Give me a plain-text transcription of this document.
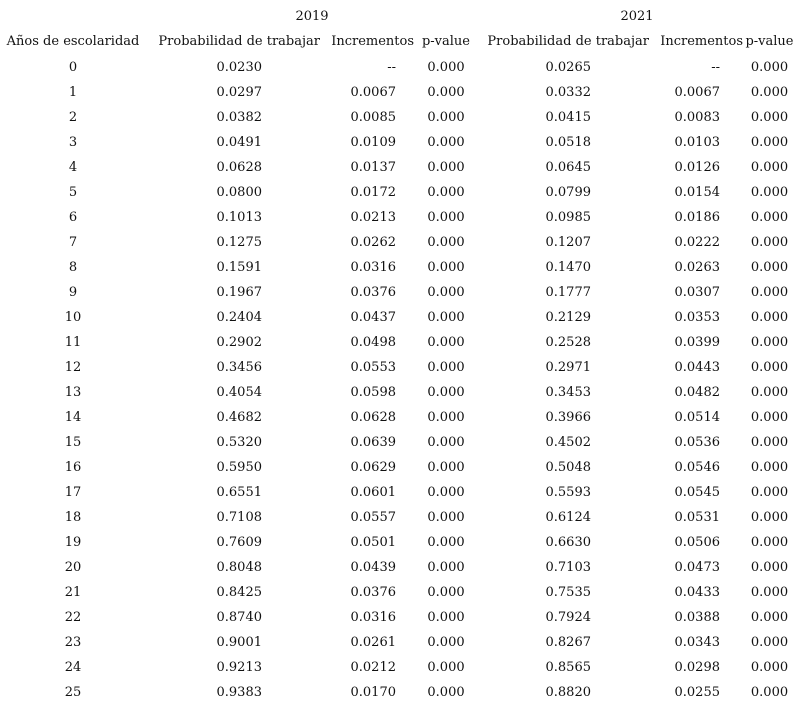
	2019			2021		
Años de escolaridad	Probabilidad de trabajar	Incrementos	p-value	Probabilidad de trabajar	Incrementos	p-value
0	0.0230	--	0.000	0.0265	--	0.000
1	0.0297	0.0067	0.000	0.0332	0.0067	0.000
2	0.0382	0.0085	0.000	0.0415	0.0083	0.000
3	0.0491	0.0109	0.000	0.0518	0.0103	0.000
4	0.0628	0.0137	0.000	0.0645	0.0126	0.000
5	0.0800	0.0172	0.000	0.0799	0.0154	0.000
6	0.1013	0.0213	0.000	0.0985	0.0186	0.000
7	0.1275	0.0262	0.000	0.1207	0.0222	0.000
8	0.1591	0.0316	0.000	0.1470	0.0263	0.000
9	0.1967	0.0376	0.000	0.1777	0.0307	0.000
10	0.2404	0.0437	0.000	0.2129	0.0353	0.000
11	0.2902	0.0498	0.000	0.2528	0.0399	0.000
12	0.3456	0.0553	0.000	0.2971	0.0443	0.000
13	0.4054	0.0598	0.000	0.3453	0.0482	0.000
14	0.4682	0.0628	0.000	0.3966	0.0514	0.000
15	0.5320	0.0639	0.000	0.4502	0.0536	0.000
16	0.5950	0.0629	0.000	0.5048	0.0546	0.000
17	0.6551	0.0601	0.000	0.5593	0.0545	0.000
18	0.7108	0.0557	0.000	0.6124	0.0531	0.000
19	0.7609	0.0501	0.000	0.6630	0.0506	0.000
20	0.8048	0.0439	0.000	0.7103	0.0473	0.000
21	0.8425	0.0376	0.000	0.7535	0.0433	0.000
22	0.8740	0.0316	0.000	0.7924	0.0388	0.000
23	0.9001	0.0261	0.000	0.8267	0.0343	0.000
24	0.9213	0.0212	0.000	0.8565	0.0298	0.000
25	0.9383	0.0170	0.000	0.8820	0.0255	0.000
